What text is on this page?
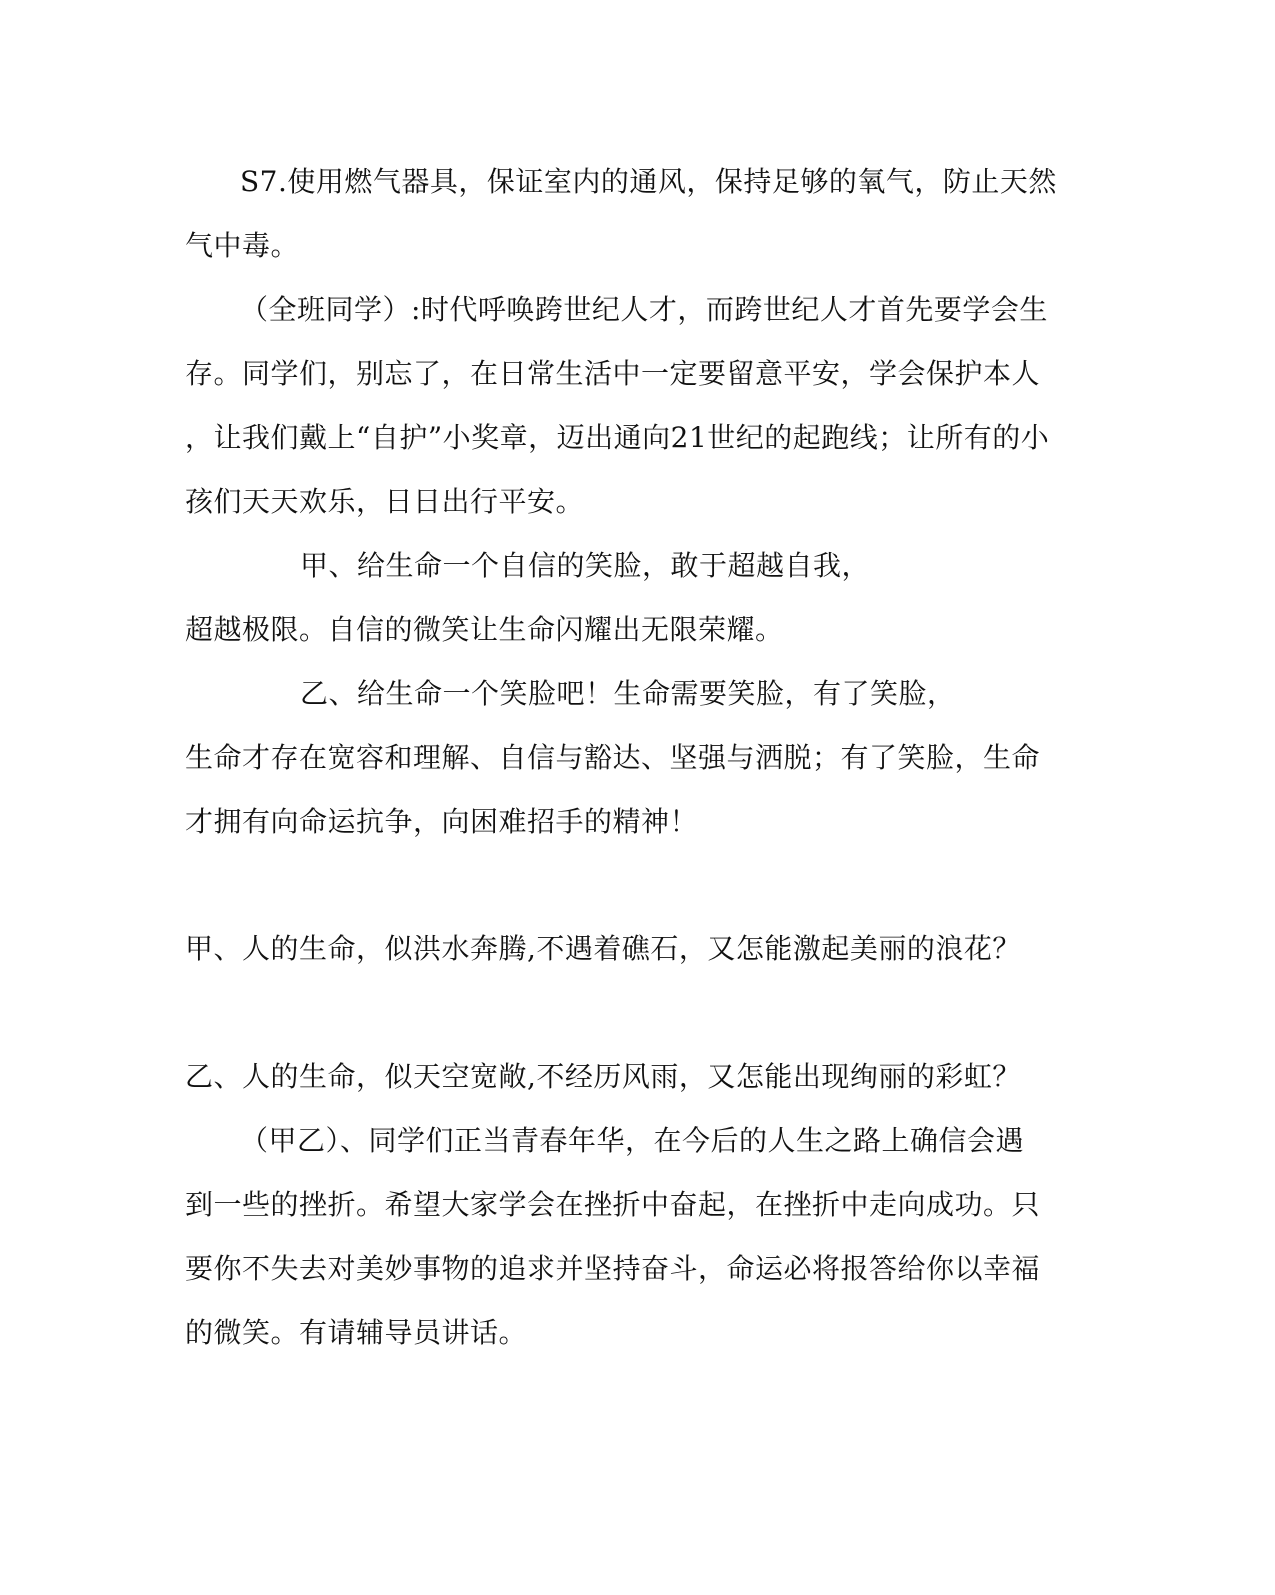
S7.使用燃气器具，保证室内的通风，保持足够的氧气，防止天然
气中毒。
（全班同学）:时代呼唤跨世纪人才，而跨世纪人才首先要学会生
存。同学们，别忘了，在日常生活中一定要留意平安，学会保护本人
，让我们戴上“自护”小奖章，迈出通向21世纪的起跑线；让所有的小
孩们天天欢乐，日日出行平安。
甲、给生命一个自信的笑脸，敢于超越自我，
超越极限。自信的微笑让生命闪耀出无限荣耀。
乙、给生命一个笑脸吧！生命需要笑脸，有了笑脸，
生命才存在宽容和理解、自信与豁达、坚强与洒脱；有了笑脸，生命
才拥有向命运抗争，向困难招手的精神！
甲、人的生命，似洪水奔腾,不遇着礁石，又怎能激起美丽的浪花？
乙、人的生命，似天空宽敞,不经历风雨，又怎能出现绚丽的彩虹？
（甲乙）、同学们正当青春年华，在今后的人生之路上确信会遇
到一些的挫折。希望大家学会在挫折中奋起，在挫折中走向成功。只
要你不失去对美妙事物的追求并坚持奋斗，命运必将报答给你以幸福
的微笑。有请辅导员讲话。
